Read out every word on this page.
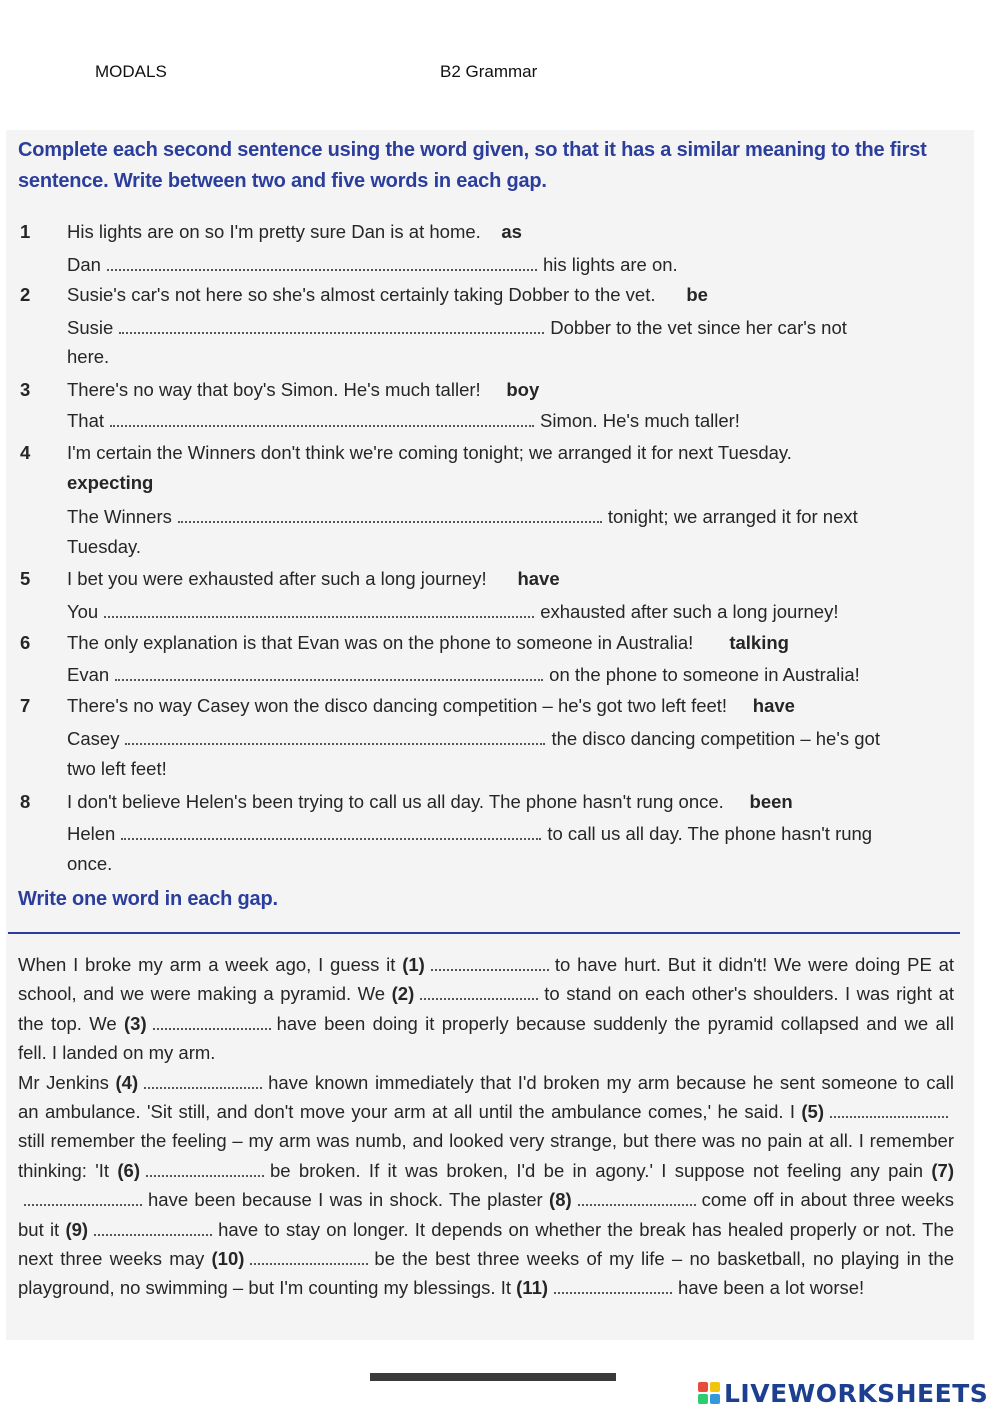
MODALS	B2 Grammar
Complete each second sentence using the word given, so that it has a similar meaning to the first sentence. Write between two and five words in each gap.
1 His lights are on so I'm pretty sure Dan is at home. as
Dan	his lights are on.
2 Susie's car's not here so she's almost certainly taking Dobber to the vet. be
Susie	Dobber to the vet since her car's not
here.
3 There's no way that boy's Simon. He's much taller! boy
That	Simon. He's much taller!
4 I'm certain the Winners don't think we're coming tonight; we arranged it for next Tuesday.
expecting
The Winners	tonight; we arranged it for next
Tuesday.
5 I bet you were exhausted after such a long journey! have
You	exhausted after such a long journey!
6 The only explanation is that Evan was on the phone to someone in Australia! talking
Evan	on the phone to someone in Australia!
7 There's no way Casey won the disco dancing competition – he's got two left feet! have
Casey	the disco dancing competition – he's got
two left feet!
8 I don't believe Helen's been trying to call us all day. The phone hasn't rung once. been
Helen	to call us all day. The phone hasn't rung
once.
Write one word in each gap.

When I broke my arm a week ago, I guess it (1)	to have hurt. But it didn't! We were doing PE at school, and we were making a pyramid. We (2)	to stand on each other's shoulders. I was right at the top. We (3)	have been doing it properly because suddenly the pyramid collapsed and we all fell. I landed on my arm.

Mr Jenkins (4)	have known immediately that I'd broken my arm because he sent someone to call an ambulance. 'Sit still, and don't move your arm at all until the ambulance comes,' he said. I (5)still remember the feeling – my arm was numb, and looked very strange, but there was no pain at all. I remember thinking: 'It (6)	be broken. If it was broken, I'd be in agony.' I suppose not feeling any pain (7)have been because I was in shock. The plaster (8)	come off in about three weeks but it (9)	have to stay on longer. It depends on whether the break has healed properly or not. The next three weeks may (10)	be the best three weeks of my life – no basketball, no playing in the playground, no swimming – but I'm counting my blessings. It (11)	have been a lot worse!

LIVEWORKSHEETS
